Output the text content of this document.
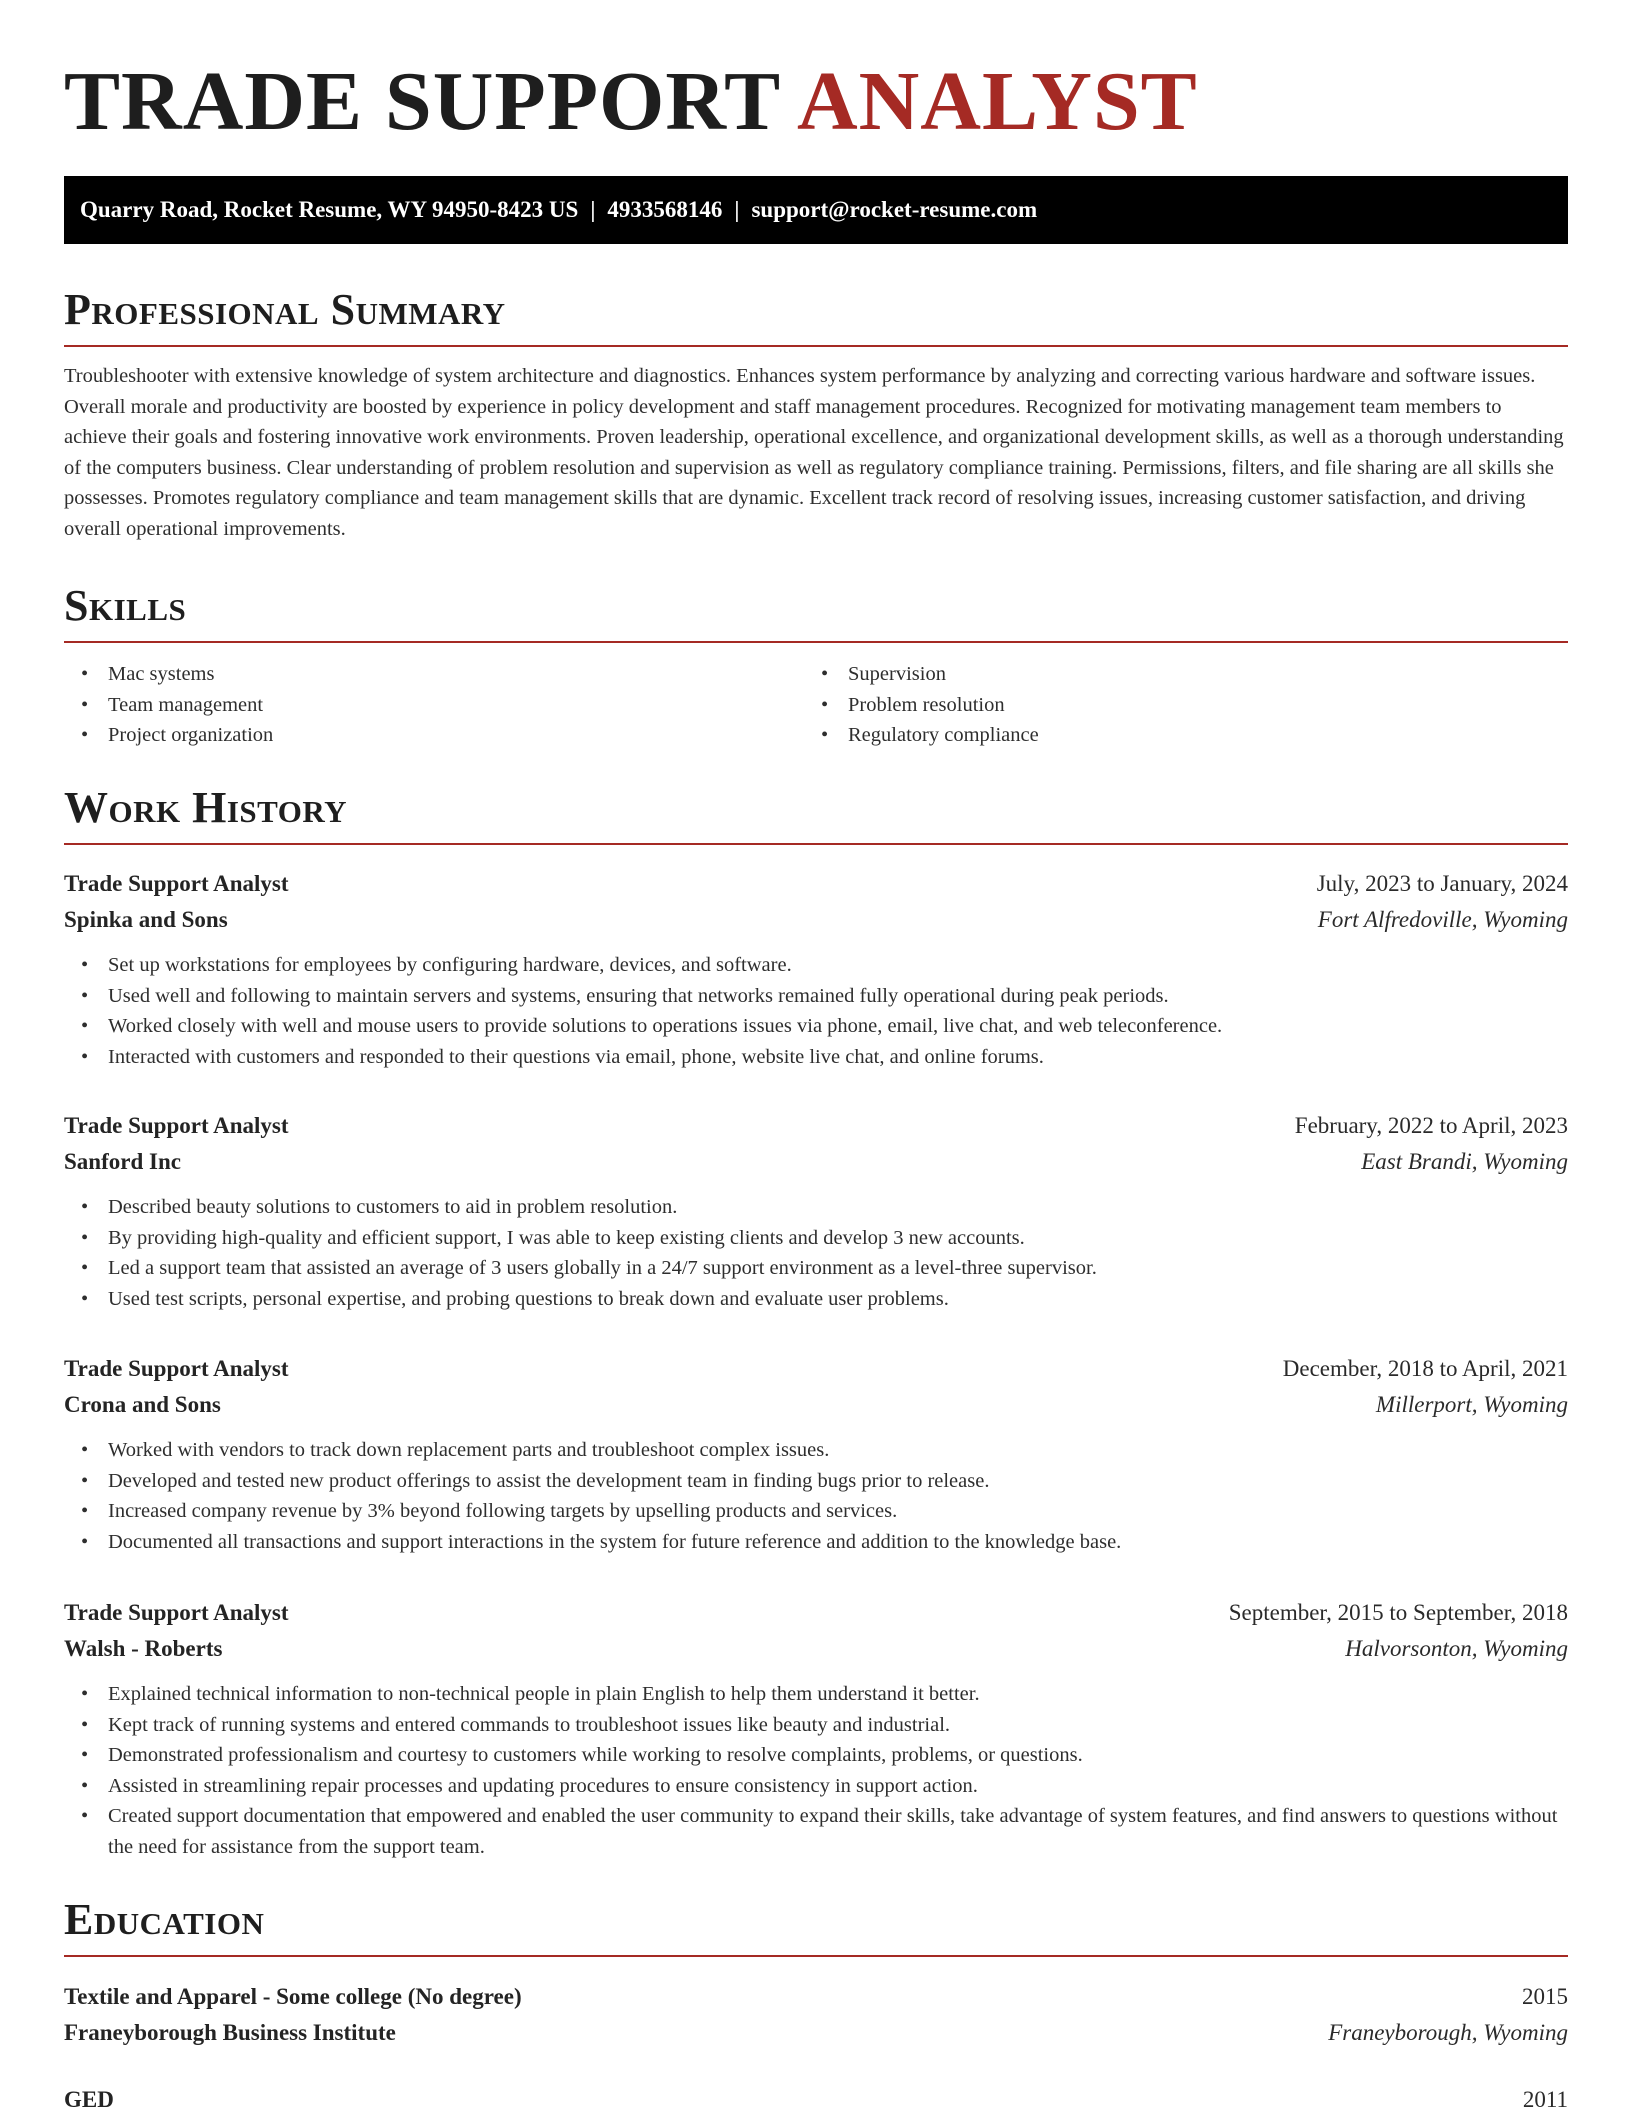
TRADE SUPPORT ANALYST
Quarry Road, Rocket Resume, WY 94950-8423 US | 4933568146 | support@rocket-resume.com
Professional Summary
Troubleshooter with extensive knowledge of system architecture and diagnostics. Enhances system performance by analyzing and correcting various hardware and software issues. Overall morale and productivity are boosted by experience in policy development and staff management procedures. Recognized for motivating management team members to achieve their goals and fostering innovative work environments. Proven leadership, operational excellence, and organizational development skills, as well as a thorough understanding of the computers business. Clear understanding of problem resolution and supervision as well as regulatory compliance training. Permissions, filters, and file sharing are all skills she possesses. Promotes regulatory compliance and team management skills that are dynamic. Excellent track record of resolving issues, increasing customer satisfaction, and driving overall operational improvements.
Skills
• Mac systems
• Team management
• Project organization
• Supervision
• Problem resolution
• Regulatory compliance
Work History
Trade Support Analyst	July, 2023 to January, 2024
Spinka and Sons	Fort Alfredoville, Wyoming
• Set up workstations for employees by configuring hardware, devices, and software.
• Used well and following to maintain servers and systems, ensuring that networks remained fully operational during peak periods.
• Worked closely with well and mouse users to provide solutions to operations issues via phone, email, live chat, and web teleconference.
• Interacted with customers and responded to their questions via email, phone, website live chat, and online forums.
Trade Support Analyst	February, 2022 to April, 2023
Sanford Inc	East Brandi, Wyoming
• Described beauty solutions to customers to aid in problem resolution.
• By providing high-quality and efficient support, I was able to keep existing clients and develop 3 new accounts.
• Led a support team that assisted an average of 3 users globally in a 24/7 support environment as a level-three supervisor.
• Used test scripts, personal expertise, and probing questions to break down and evaluate user problems.
Trade Support Analyst	December, 2018 to April, 2021
Crona and Sons	Millerport, Wyoming
• Worked with vendors to track down replacement parts and troubleshoot complex issues.
• Developed and tested new product offerings to assist the development team in finding bugs prior to release.
• Increased company revenue by 3% beyond following targets by upselling products and services.
• Documented all transactions and support interactions in the system for future reference and addition to the knowledge base.
Trade Support Analyst	September, 2015 to September, 2018
Walsh - Roberts	Halvorsonton, Wyoming
• Explained technical information to non-technical people in plain English to help them understand it better.
• Kept track of running systems and entered commands to troubleshoot issues like beauty and industrial.
• Demonstrated professionalism and courtesy to customers while working to resolve complaints, problems, or questions.
• Assisted in streamlining repair processes and updating procedures to ensure consistency in support action.
• Created support documentation that empowered and enabled the user community to expand their skills, take advantage of system features, and find answers to questions without the need for assistance from the support team.
Education
Textile and Apparel - Some college (No degree)	2015
Franeyborough Business Institute	Franeyborough, Wyoming
GED	2011
